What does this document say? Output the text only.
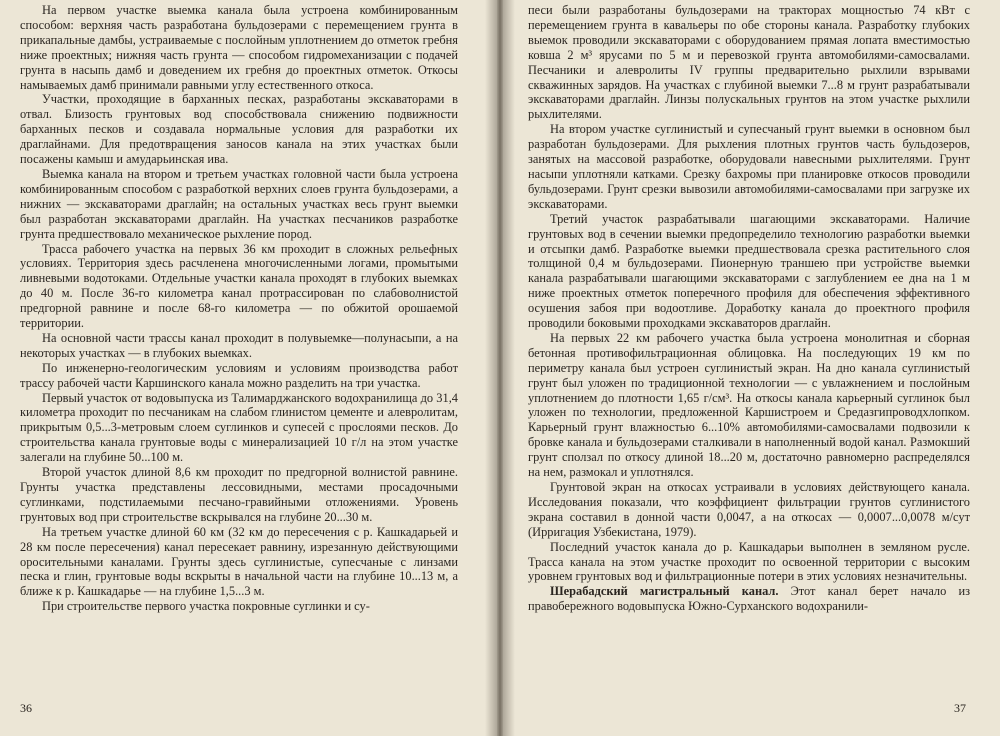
На первом участке выемка канала была устроена комбинированным способом: верхняя часть разработана бульдозерами с перемещением грунта в прикапальные дамбы, устраиваемые с послойным уплотнением до отметок гребня ниже проектных; нижняя часть грунта — способом гидромеханизации с подачей грунта в насыпь дамб и доведением их гребня до проектных отметок. Откосы намываемых дамб принимали равными углу естественного откоса.

Участки, проходящие в барханных песках, разработаны экскаваторами в отвал. Близость грунтовых вод способствовала снижению подвижности барханных песков и создавала нормальные условия для разработки их драглайнами. Для предотвращения заносов канала на этих участках были посажены камыш и амударьинская ива.

Выемка канала на втором и третьем участках головной части была устроена комбинированным способом с разработкой верхних слоев грунта бульдозерами, а нижних — экскаваторами драглайн; на остальных участках весь грунт выемки был разработан экскаваторами драглайн. На участках песчаников разработке грунта предшествовало механическое рыхление пород.

Трасса рабочего участка на первых 36 км проходит в сложных рельефных условиях. Территория здесь расчленена многочисленными логами, промытыми ливневыми водотоками. Отдельные участки канала проходят в глубоких выемках до 40 м. После 36-го километра канал протрассирован по слабоволнистой предгорной равнине и после 68-го километра — по обжитой орошаемой территории.

На основной части трассы канал проходит в полувыемке—полунасыпи, а на некоторых участках — в глубоких выемках.

По инженерно-геологическим условиям и условиям производства работ трассу рабочей части Каршинского канала можно разделить на три участка.

Первый участок от водовыпуска из Талимарджанского водохранилища до 31,4 километра проходит по песчаникам на слабом глинистом цементе и алевролитам, прикрытым 0,5...3-метровым слоем суглинков и супесей с прослоями песков. До строительства канала грунтовые воды с минерализацией 10 г/л на этом участке залегали на глубине 50...100 м.

Второй участок длиной 8,6 км проходит по предгорной волнистой равнине. Грунты участка представлены лессовидными, местами просадочными суглинками, подстилаемыми песчано-гравийными отложениями. Уровень грунтовых вод при строительстве вскрывался на глубине 20...30 м.

На третьем участке длиной 60 км (32 км до пересечения с р. Кашкадарьей и 28 км после пересечения) канал пересекает равнину, изрезанную действующими оросительными каналами. Грунты здесь суглинистые, супесчаные с линзами песка и глин, грунтовые воды вскрыты в начальной части на глубине 10...13 м, а ближе к р. Кашкадарье — на глубине 1,5...3 м.

При строительстве первого участка покровные суглинки и су-

36

песи были разработаны бульдозерами на тракторах мощностью 74 кВт с перемещением грунта в кавальеры по обе стороны канала. Разработку глубоких выемок проводили экскаваторами с оборудованием прямая лопата вместимостью ковша 2 м³ ярусами по 5 м и перевозкой грунта автомобилями-самосвалами. Песчаники и алевролиты IV группы предварительно рыхлили взрывами скважинных зарядов. На участках с глубиной выемки 7...8 м грунт разрабатывали экскаваторами драглайн. Линзы полускальных грунтов на этом участке рыхлили рыхлителями.

На втором участке суглинистый и супесчаный грунт выемки в основном был разработан бульдозерами. Для рыхления плотных грунтов часть бульдозеров, занятых на массовой разработке, оборудовали навесными рыхлителями. Грунт насыпи уплотняли катками. Срезку бахромы при планировке откосов проводили бульдозерами. Грунт срезки вывозили автомобилями-самосвалами при загрузке их экскаваторами.

Третий участок разрабатывали шагающими экскаваторами. Наличие грунтовых вод в сечении выемки предопределило технологию разработки выемки и отсыпки дамб. Разработке выемки предшествовала срезка растительного слоя толщиной 0,4 м бульдозерами. Пионерную траншею при устройстве выемки канала разрабатывали шагающими экскаваторами с заглублением ее дна на 1 м ниже проектных отметок поперечного профиля для обеспечения эффективного осушения забоя при водоотливе. Доработку канала до проектного профиля проводили боковыми проходками экскаваторов драглайн.

На первых 22 км рабочего участка была устроена монолитная и сборная бетонная противофильтрационная облицовка. На последующих 19 км по периметру канала был устроен суглинистый экран. На дно канала суглинистый грунт был уложен по традиционной технологии — с увлажнением и послойным уплотнением до плотности 1,65 г/см³. На откосы канала карьерный суглинок был уложен по технологии, предложенной Каршистроем и Средазгипроводхлопком. Карьерный грунт влажностью 6...10% автомобилями-самосвалами подвозили к бровке канала и бульдозерами сталкивали в наполненный водой канал. Размокший грунт сползал по откосу длиной 18...20 м, достаточно равномерно распределялся на нем, размокал и уплотнялся.

Грунтовой экран на откосах устраивали в условиях действующего канала. Исследования показали, что коэффициент фильтрации грунтов суглинистого экрана составил в донной части 0,0047, а на откосах — 0,0007...0,0078 м/сут (Ирригация Узбекистана, 1979).

Последний участок канала до р. Кашкадарьи выполнен в земляном русле. Трасса канала на этом участке проходит по освоенной территории с высоким уровнем грунтовых вод и фильтрационные потери в этих условиях незначительны.

Шерабадский магистральный канал. Этот канал берет начало из правобережного водовыпуска Южно-Сурханского водохранили-

37
